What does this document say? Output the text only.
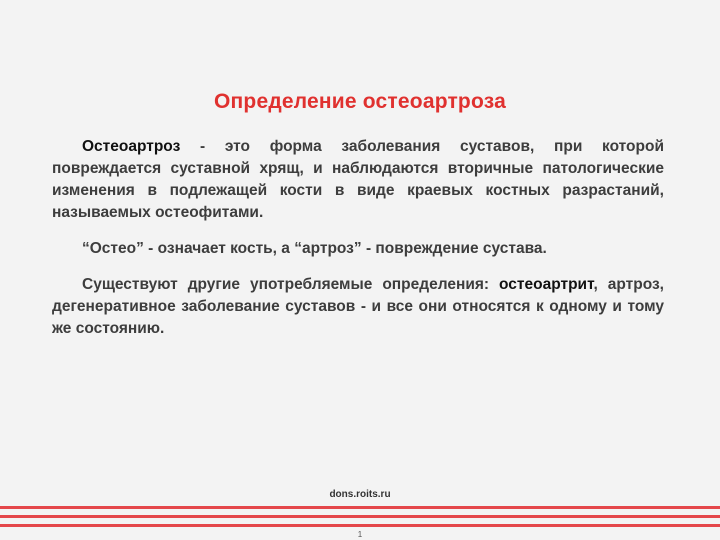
Определение остеоартроза

Остеоартроз - это форма заболевания суставов, при которой повреждается суставной хрящ, и наблюдаются вторичные патологические изменения в подлежащей кости в виде краевых костных разрастаний, называемых остеофитами.

“Остео” - означает кость, а “артроз” - повреждение сустава.

Существуют другие употребляемые определения: остеоартрит, артроз, дегенеративное заболевание суставов - и все они относятся к одному и тому же состоянию.

dons.roits.ru
1
